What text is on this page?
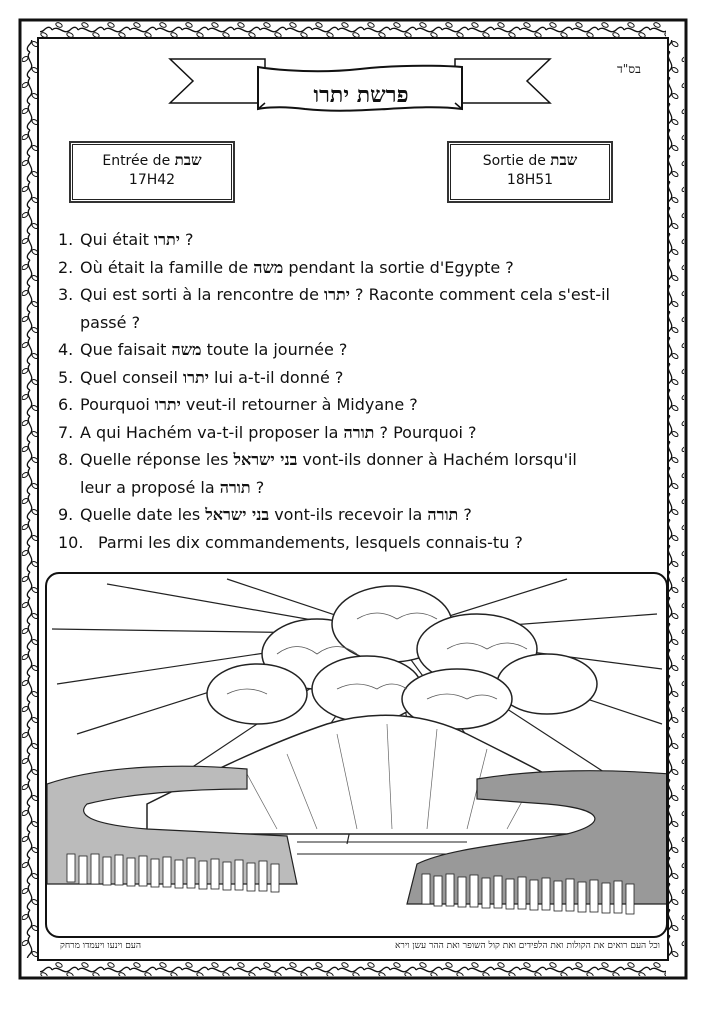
בס"ד
פרשת יתרו
Entrée de שבת
17H42
Sortie de שבת
18H51
1. Qui était יתרו ?
2. Où était la famille de משה pendant la sortie d'Egypte ?
3. Qui est sorti à la rencontre de יתרו ? Raconte comment cela s'est-il
passé ?
4. Que faisait משה toute la journée ?
5. Quel conseil יתרו lui a-t-il donné ?
6. Pourquoi יתרו veut-il retourner à Midyane ?
7. A qui Hachém va-t-il proposer la תורה ? Pourquoi ?
8. Quelle réponse les בני ישראל vont-ils donner à Hachém lorsqu'il
leur a proposé la תורה ?
9. Quelle date les בני ישראל vont-ils recevoir la תורה ?
10. Parmi les dix commandements, lesquels connais-tu ?
וכל העם רואים את הקולות ואת הלפידים ואת קול השופר ואת ההר עשן וירא
העם וינעו ויעמדו מרחק
